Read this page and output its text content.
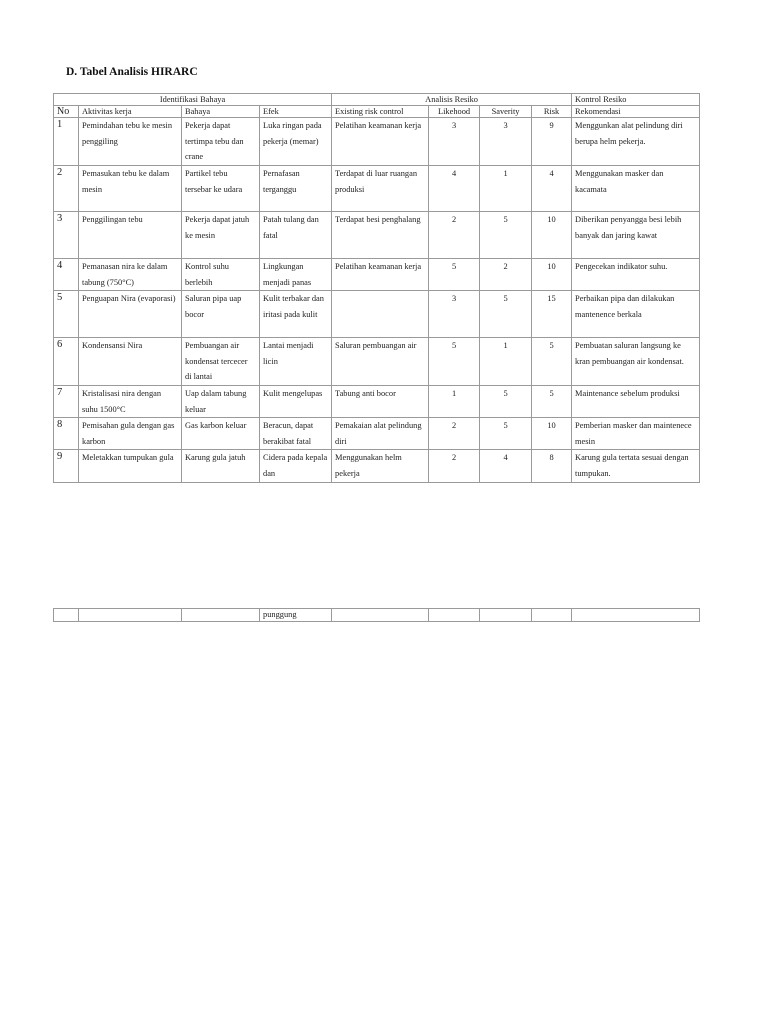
D. Tabel Analisis HIRARC
Identifikasi Bahaya				Analisis Resiko				Kontrol Resiko
No	Aktivitas kerja	Bahaya	Efek	Existing risk control	Likehood	Saverity	Risk	Rekomendasi
1	Pemindahan tebu ke mesin penggiling	Pekerja dapat tertimpa tebu dan crane	Luka ringan pada pekerja (memar)	Pelatihan keamanan kerja	3	3	9	Menggunkan alat pelindung diri berupa helm pekerja.
2	Pemasukan tebu ke dalam mesin	Partikel tebu tersebar ke udara	Pernafasan terganggu	Terdapat di luar ruangan produksi	4	1	4	Menggunakan masker dan kacamata
3	Penggilingan tebu	Pekerja dapat jatuh ke mesin	Patah tulang dan fatal	Terdapat besi penghalang	2	5	10	Diberikan penyangga besi lebih banyak dan jaring kawat
4	Pemanasan nira ke dalam tabung (750°C)	Kontrol suhu berlebih	Lingkungan menjadi panas	Pelatihan keamanan kerja	5	2	10	Pengecekan indikator suhu.
5	Penguapan Nira (evaporasi)	Saluran pipa uap bocor	Kulit terbakar dan iritasi pada kulit		3	5	15	Perbaikan pipa dan dilakukan mantenence berkala
6	Kondensansi Nira	Pembuangan air kondensat tercecer di lantai	Lantai menjadi licin	Saluran pembuangan air	5	1	5	Pembuatan saluran langsung ke kran pembuangan air kondensat.
7	Kristalisasi nira dengan suhu 1500°C	Uap dalam tabung keluar	Kulit mengelupas	Tabung anti bocor	1	5	5	Maintenance sebelum produksi
8	Pemisahan gula dengan gas karbon	Gas karbon keluar	Beracun, dapat berakibat fatal	Pemakaian alat pelindung diri	2	5	10	Pemberian masker dan maintenece mesin
9	Meletakkan tumpukan gula	Karung gula jatuh	Cidera pada kepala dan	Menggunakan helm pekerja	2	4	8	Karung gula tertata sesuai dengan tumpukan.
			punggung					
